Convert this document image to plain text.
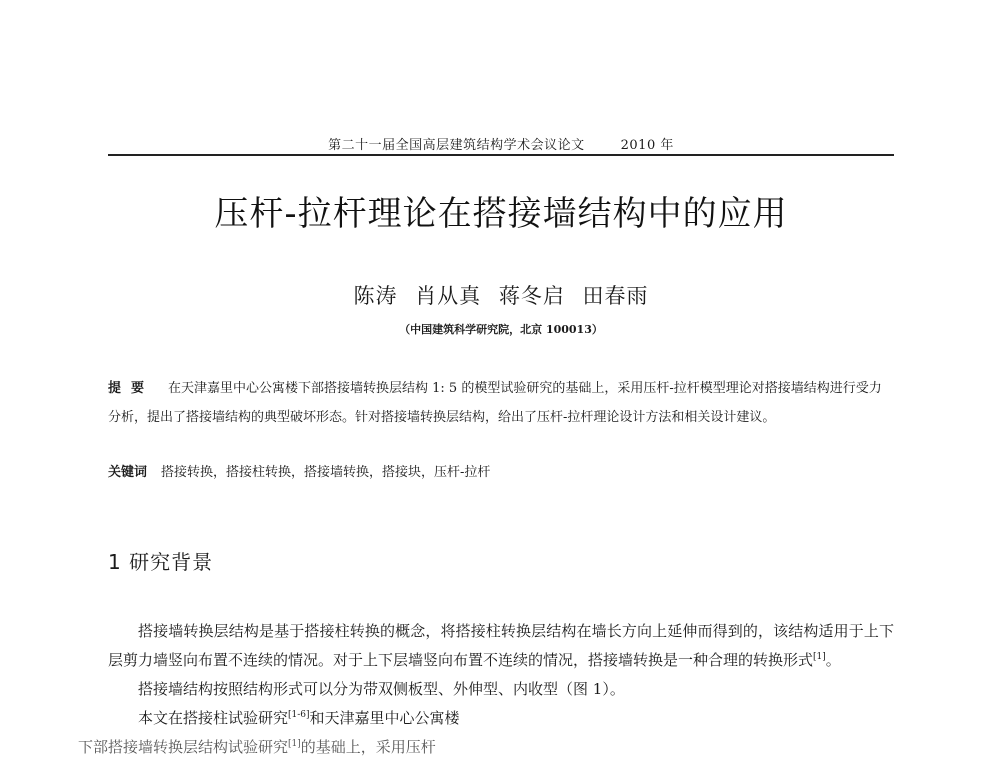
第二十一届全国高层建筑结构学术会议论文	2010 年
压杆-拉杆理论在搭接墙结构中的应用
陈涛 肖从真 蒋冬启 田春雨
（中国建筑科学研究院，北京 100013）
提要 在天津嘉里中心公寓楼下部搭接墙转换层结构 1: 5 的模型试验研究的基础上，采用压杆-拉杆模型理论对搭接墙结构进行受力分析，提出了搭接墙结构的典型破坏形态。针对搭接墙转换层结构，给出了压杆-拉杆理论设计方法和相关设计建议。
关键词 搭接转换，搭接柱转换，搭接墙转换，搭接块，压杆-拉杆
1 研究背景

搭接墙转换层结构是基于搭接柱转换的概念，将搭接柱转换层结构在墙长方向上延伸而得到的，该结构适用于上下层剪力墙竖向布置不连续的情况。对于上下层墙竖向布置不连续的情况，搭接墙转换是一种合理的转换形式[1]。

搭接墙结构按照结构形式可以分为带双侧板型、外伸型、内收型（图 1）。

本文在搭接柱试验研究[1-6]和天津嘉里中心公寓楼
下部搭接墙转换层结构试验研究[1]的基础上，采用压杆
